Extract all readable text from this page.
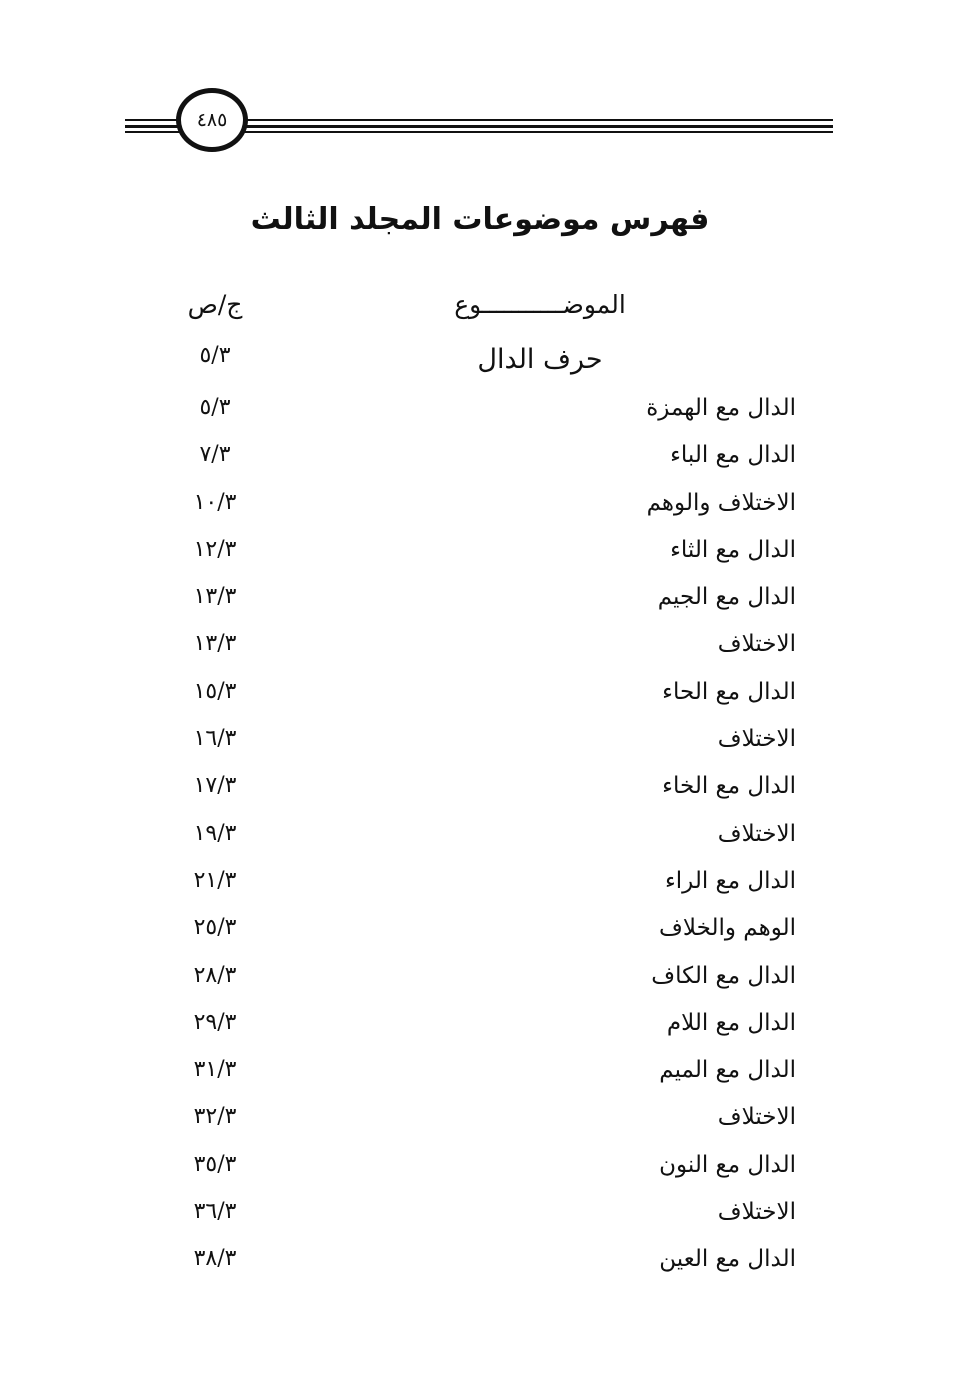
٤٨٥
فهرس موضوعات المجلد الثالث
الموضـــــــــــوع
ج/ص
حرف الدال
٥/٣
الدال مع الهمزة
٥/٣
الدال مع الباء
٧/٣
الاختلاف والوهم
١٠/٣
الدال مع الثاء
١٢/٣
الدال مع الجيم
١٣/٣
الاختلاف
١٣/٣
الدال مع الحاء
١٥/٣
الاختلاف
١٦/٣
الدال مع الخاء
١٧/٣
الاختلاف
١٩/٣
الدال مع الراء
٢١/٣
الوهم والخلاف
٢٥/٣
الدال مع الكاف
٢٨/٣
الدال مع اللام
٢٩/٣
الدال مع الميم
٣١/٣
الاختلاف
٣٢/٣
الدال مع النون
٣٥/٣
الاختلاف
٣٦/٣
الدال مع العين
٣٨/٣
